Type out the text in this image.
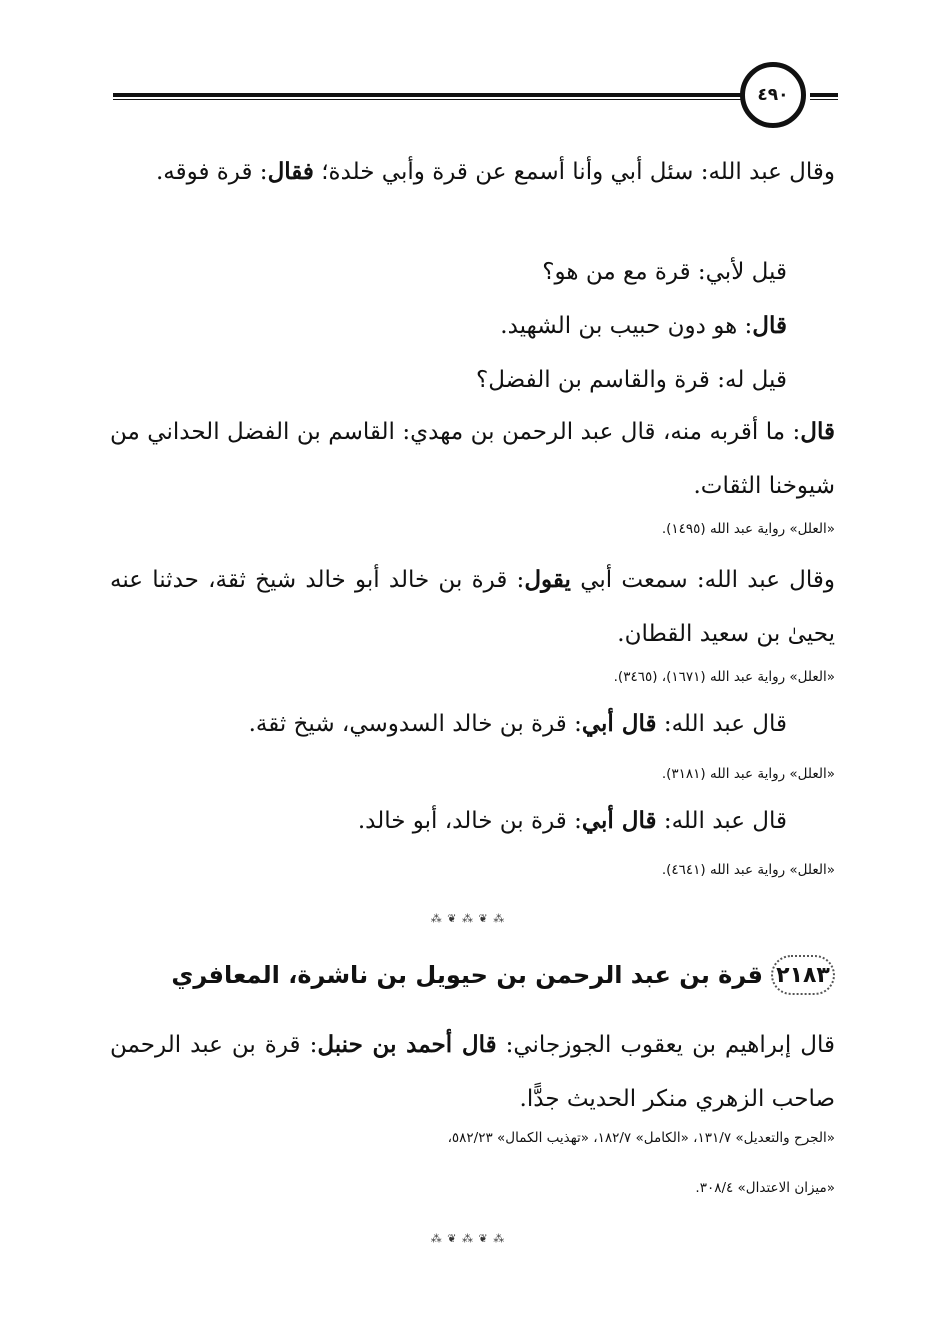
٤٩٠
وقال عبد الله: سئل أبي وأنا أسمع عن قرة وأبي خلدة؛ فقال: قرة فوقه.
قيل لأبي: قرة مع من هو؟
قال: هو دون حبيب بن الشهيد.
قيل له: قرة والقاسم بن الفضل؟
قال: ما أقربه منه، قال عبد الرحمن بن مهدي: القاسم بن الفضل الحداني من شيوخنا الثقات.
«العلل» رواية عبد الله (١٤٩٥).
وقال عبد الله: سمعت أبي يقول: قرة بن خالد أبو خالد شيخ ثقة، حدثنا عنه يحيىٰ بن سعيد القطان.
«العلل» رواية عبد الله (١٦٧١)، (٣٤٦٥).
قال عبد الله: قال أبي: قرة بن خالد السدوسي، شيخ ثقة.
«العلل» رواية عبد الله (٣١٨١).
قال عبد الله: قال أبي: قرة بن خالد، أبو خالد.
«العلل» رواية عبد الله (٤٦٤١).
⁂ ❦ ⁂ ❦ ⁂
٢١٨٣
قرة بن عبد الرحمن بن حيويل بن ناشرة، المعافري
قال إبراهيم بن يعقوب الجوزجاني: قال أحمد بن حنبل: قرة بن عبد الرحمن صاحب الزهري منكر الحديث جدًّا.
«الجرح والتعديل» ١٣١/٧، «الكامل» ١٨٢/٧، «تهذيب الكمال» ٥٨٢/٢٣،
«ميزان الاعتدال» ٣٠٨/٤.
⁂ ❦ ⁂ ❦ ⁂
